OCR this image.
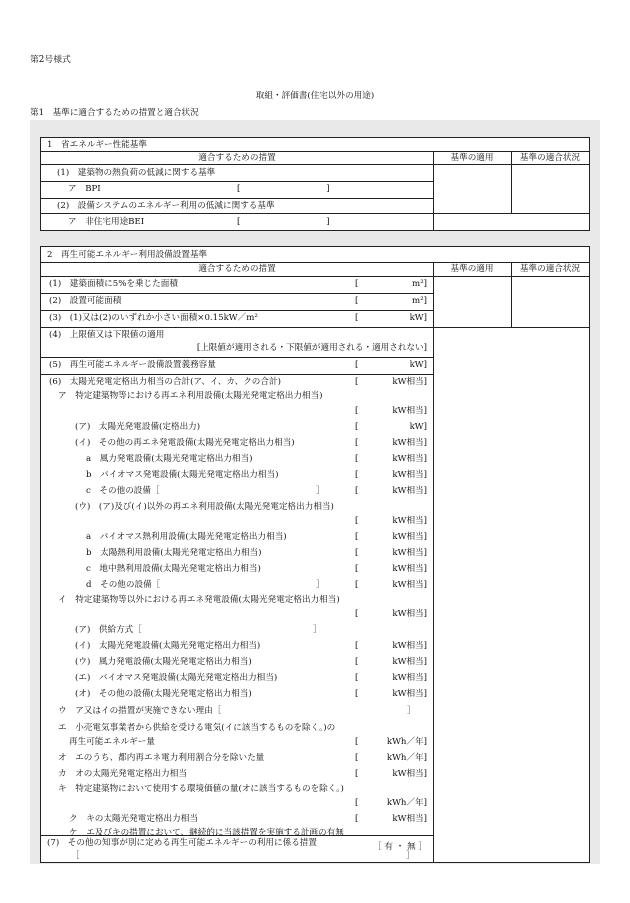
第2号様式
取組・評価書(住宅以外の用途)
第1　基準に適合するための措置と適合状況
1　省エネルギー性能基準
適合するための措置	基準の適用	基準の適合状況
(1)　建築物の熱負荷の低減に関する基準
ア　BPI	[　　　　　　　　　　]
(2)　設備システムのエネルギー利用の低減に関する基準
ア　非住宅用途BEI	[　　　　　　　　　　]
2　再生可能エネルギー利用設備設置基準
適合するための措置	基準の適用	基準の適合状況
(1)　建築面積に5%を乗じた面積	[	m²]
(2)　設置可能面積	[	m²]
(3)　(1)又は(2)のいずれか小さい面積×0.15kW／m²	[	kW]
(4)　上限値又は下限値の適用
[上限値が適用される・下限値が適用される・適用されない]
(5)　再生可能エネルギー設備設置義務容量	[	kW]
(6)　太陽光発電定格出力相当の合計(ア、イ、カ、クの合計)	[	kW相当]
ア　特定建築物等における再エネ利用設備(太陽光発電定格出力相当)
[	kW相当]
(ア)　太陽光発電設備(定格出力)	[	kW]
(イ)　その他の再エネ発電設備(太陽光発電定格出力相当)	[	kW相当]
a　風力発電設備(太陽光発電定格出力相当)	[	kW相当]
b　バイオマス発電設備(太陽光発電定格出力相当)	[	kW相当]
c　その他の設備［	］	[	kW相当]
(ウ)　(ア)及び(イ)以外の再エネ利用設備(太陽光発電定格出力相当)
[	kW相当]
a　バイオマス熱利用設備(太陽光発電定格出力相当)	[	kW相当]
b　太陽熱利用設備(太陽光発電定格出力相当)	[	kW相当]
c　地中熱利用設備(太陽光発電定格出力相当)	[	kW相当]
d　その他の設備［	］	[	kW相当]
イ　特定建築物等以外における再エネ発電設備(太陽光発電定格出力相当)
[	kW相当]
(ア)　供給方式［	］
(イ)　太陽光発電設備(太陽光発電定格出力相当)	[	kW相当]
(ウ)　風力発電設備(太陽光発電定格出力相当)	[	kW相当]
(エ)　バイオマス発電設備(太陽光発電定格出力相当)	[	kW相当]
(オ)　その他の設備(太陽光発電定格出力相当)	[	kW相当]
ウ　ア又はイの措置が実施できない理由［	］
エ　小売電気事業者から供給を受ける電気(イに該当するものを除く。)の
再生可能エネルギー量	[	kWh／年]
オ　エのうち、都内再エネ電力利用割合分を除いた量	[	kWh／年]
カ　オの太陽光発電定格出力相当	[	kW相当]
キ　特定建築物において使用する環境価値の量(オに該当するものを除く。)
[	kWh／年]
ク　キの太陽光発電定格出力相当	[	kW相当]
ケ　エ及びキの措置において、継続的に当該措置を実施する計画の有無
［ 有 ・ 無 ］
(7)　その他の知事が別に定める再生可能エネルギーの利用に係る措置
［	］
